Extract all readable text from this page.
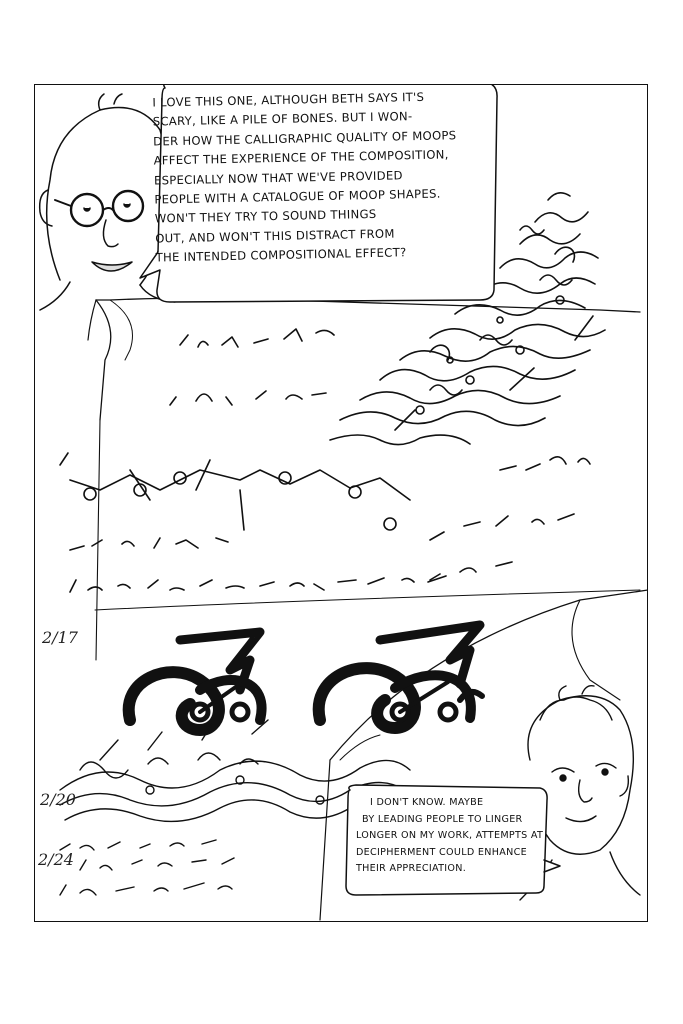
I LOVE THIS ONE, ALTHOUGH BETH SAYS IT'S
SCARY, LIKE A PILE OF BONES. BUT I WON-
DER HOW THE CALLIGRAPHIC QUALITY OF MOOPS
AFFECT THE EXPERIENCE OF THE COMPOSITION,
ESPECIALLY NOW THAT WE'VE PROVIDED
PEOPLE WITH A CATALOGUE OF MOOP SHAPES.
WON'T THEY TRY TO SOUND THINGS
OUT, AND WON'T THIS DISTRACT FROM
THE INTENDED COMPOSITIONAL EFFECT?
I DON'T KNOW. MAYBE
BY LEADING PEOPLE TO LINGER
LONGER ON MY WORK, ATTEMPTS AT
DECIPHERMENT COULD ENHANCE
THEIR APPRECIATION.
2/17
2/20
2/24
